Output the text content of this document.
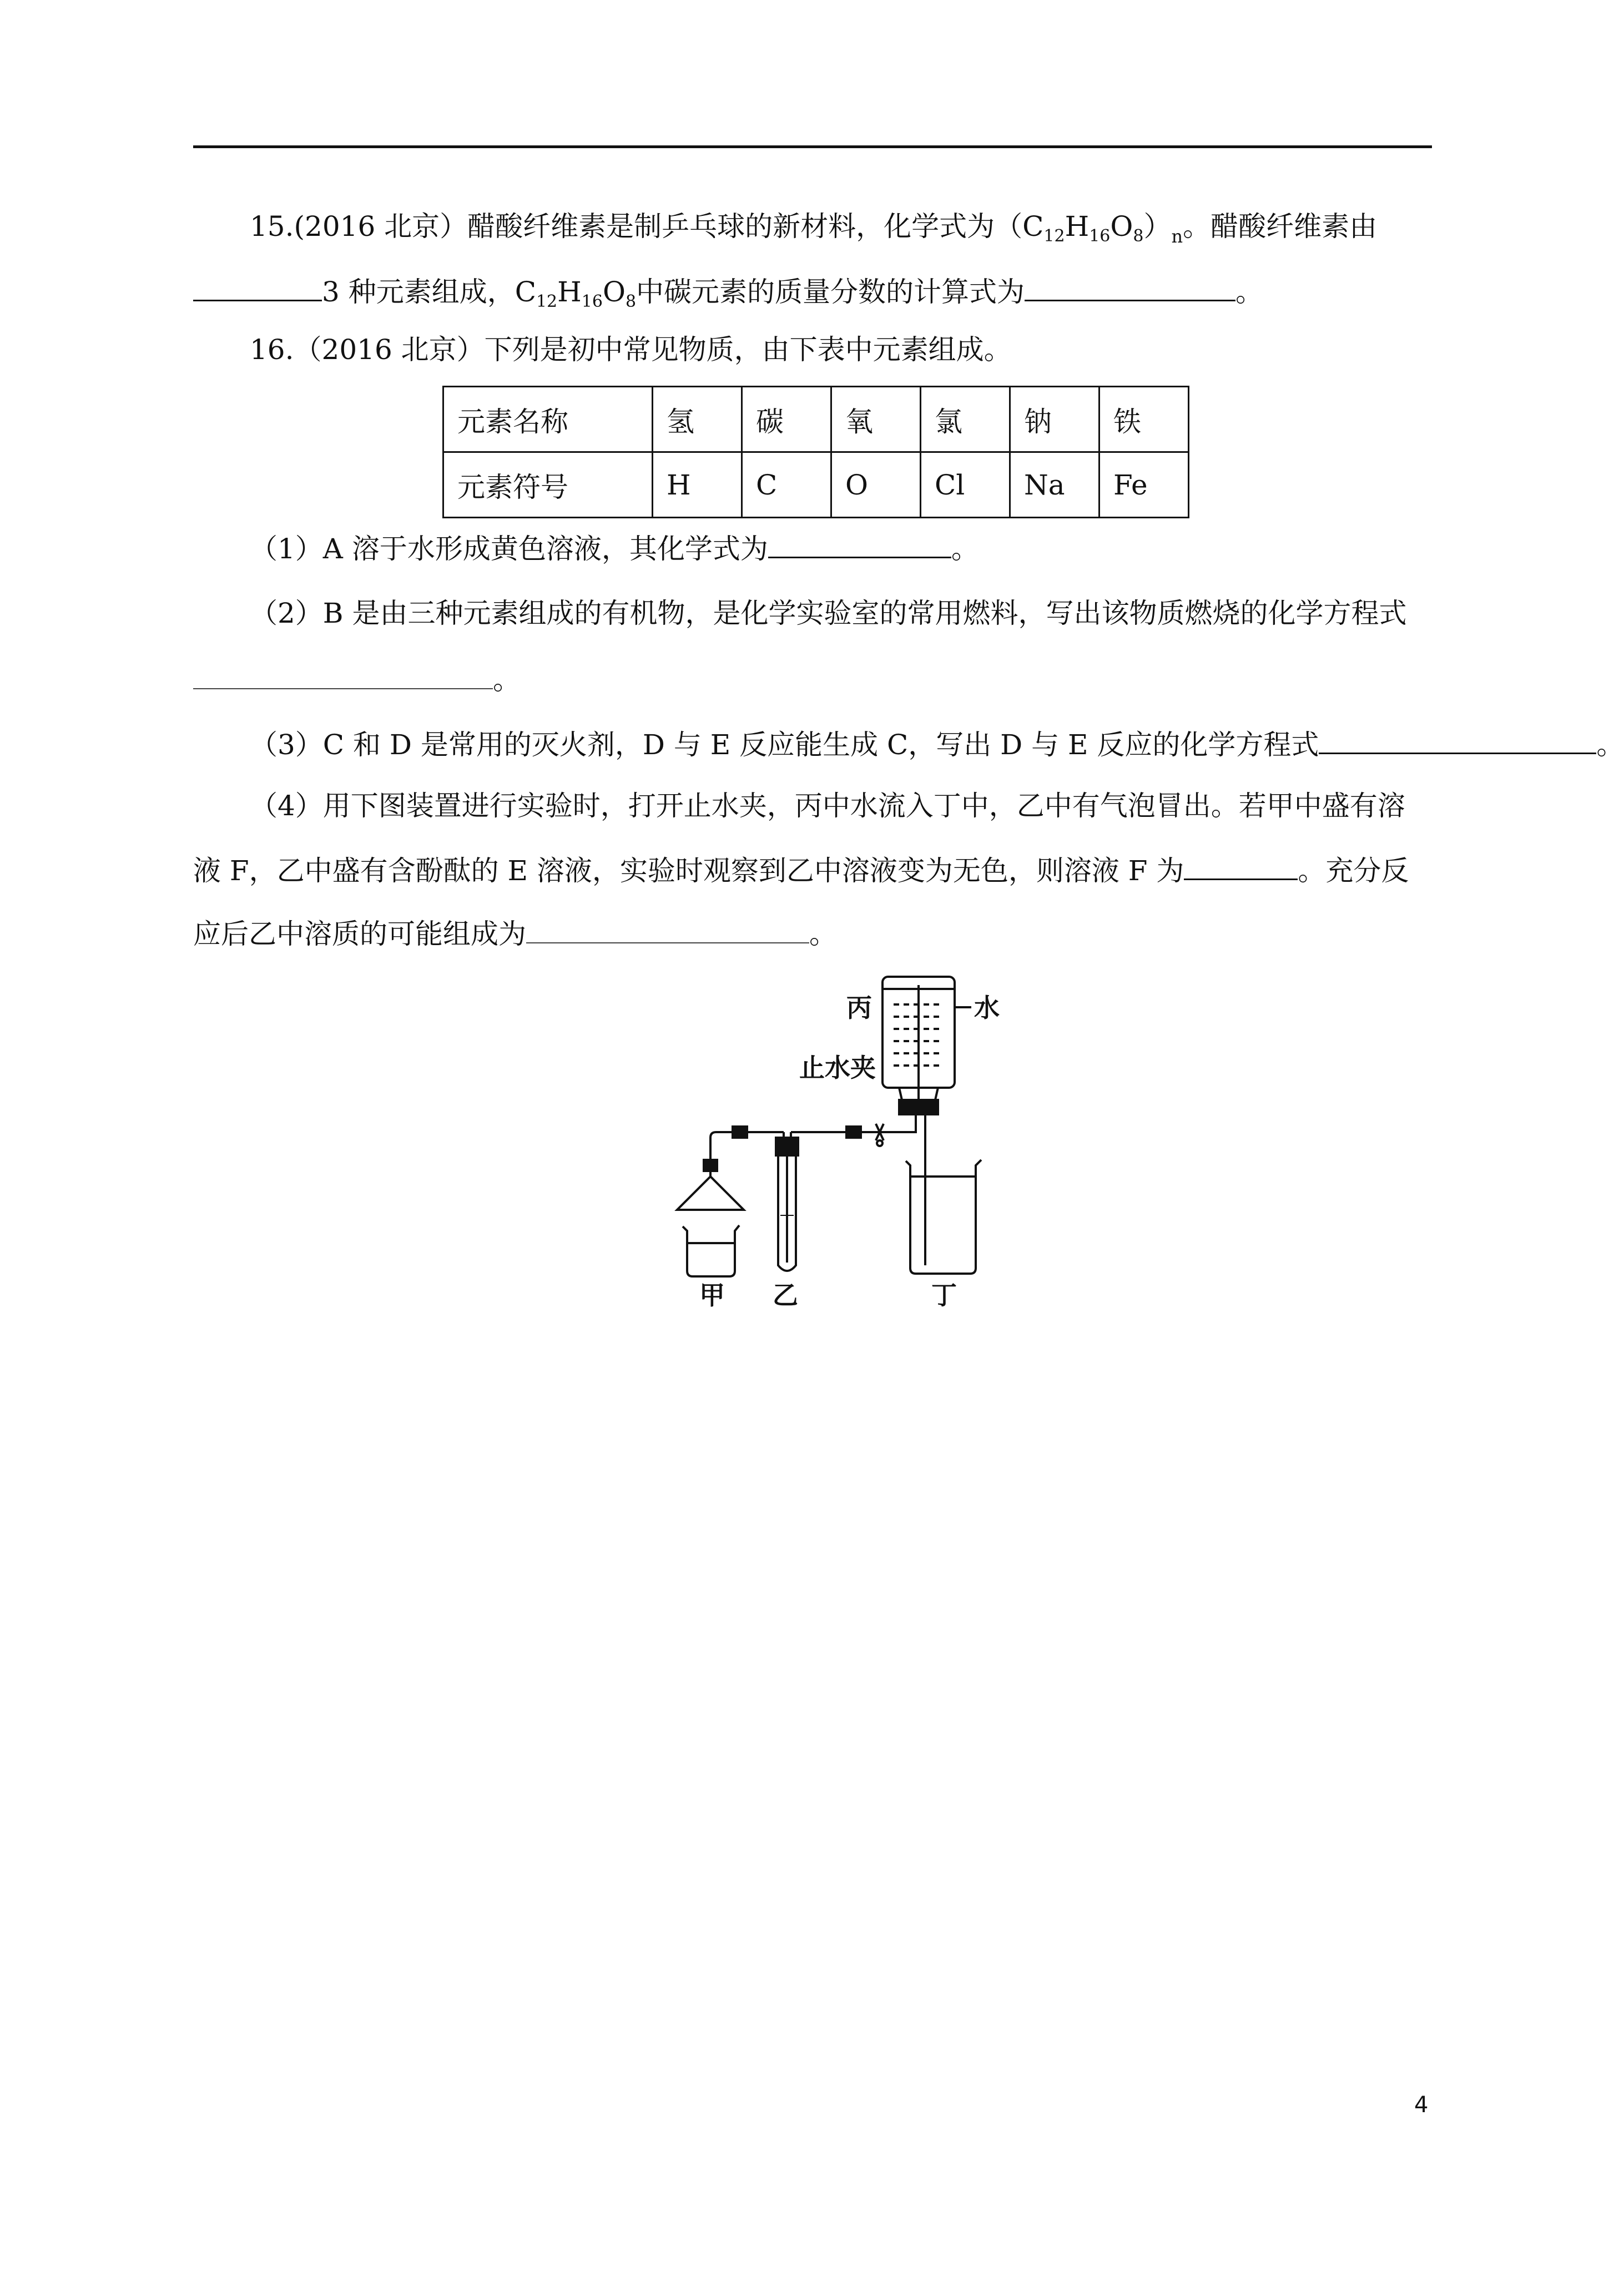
15.(2016 北京）醋酸纤维素是制乒乓球的新材料，化学式为$(C_{12}H_{16}O_8)_n$。醋酸纤维素由
3 种元素组成，$C_{12}H_{16}O_8$中碳元素的质量分数的计算式为	。
16.（2016 北京）下列是初中常见物质，由下表中元素组成。
元素名称	氢	碳	氧	氯	钠	铁
元素符号	H	C	O	Cl	Na	Fe
（1）A 溶于水形成黄色溶液，其化学式为	。
（2）B 是由三种元素组成的有机物，是化学实验室的常用燃料，写出该物质燃烧的化学方程式
。
（3）C 和 D 是常用的灭火剂，D 与 E 反应能生成 C，写出 D 与 E 反应的化学方程式	。
（4）用下图装置进行实验时，打开止水夹，丙中水流入丁中，乙中有气泡冒出。若甲中盛有溶
液 F，乙中盛有含酚酞的 E 溶液，实验时观察到乙中溶液变为无色，则溶液 F 为	。充分反
应后乙中溶质的可能组成为	。
丙	水
止水夹
甲 乙	丁
4
